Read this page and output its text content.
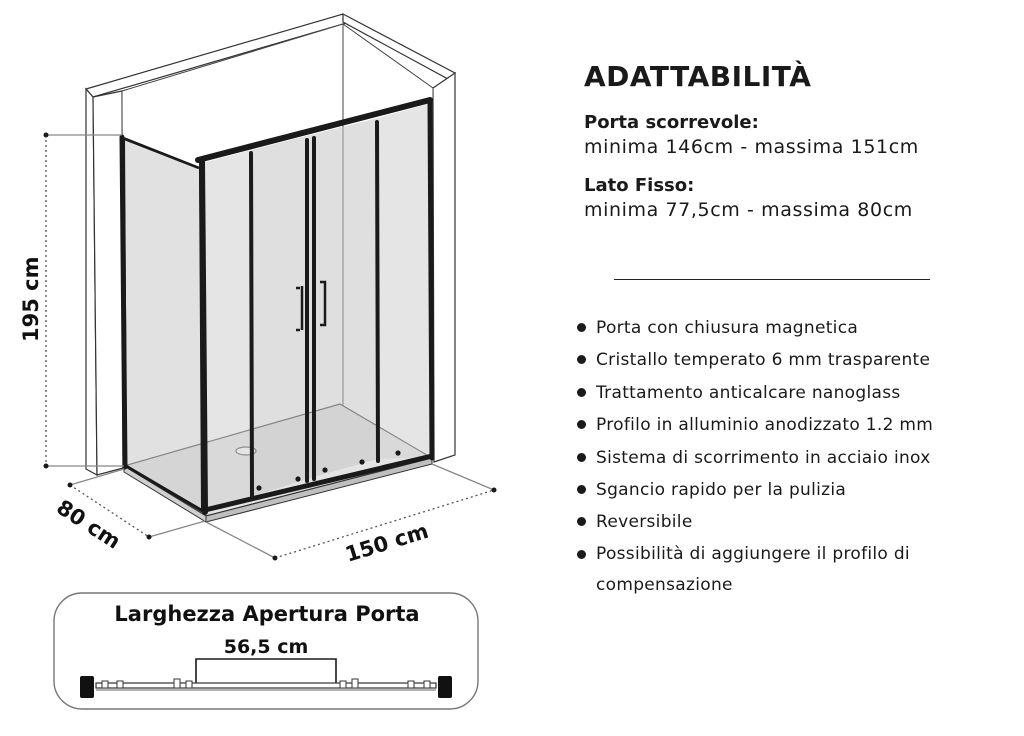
195 cm
80 cm	150 cm
Larghezza Apertura Porta
56,5 cm
ADATTABILITÀ
Porta scorrevole:
minima 146cm - massima 151cm
Lato Fisso:
minima 77,5cm - massima 80cm
Porta con chiusura magnetica
Cristallo temperato 6 mm trasparente
Trattamento anticalcare nanoglass
Profilo in alluminio anodizzato 1.2 mm
Sistema di scorrimento in acciaio inox
Sgancio rapido per la pulizia
Reversibile
Possibilità di aggiungere il profilo di compensazione
